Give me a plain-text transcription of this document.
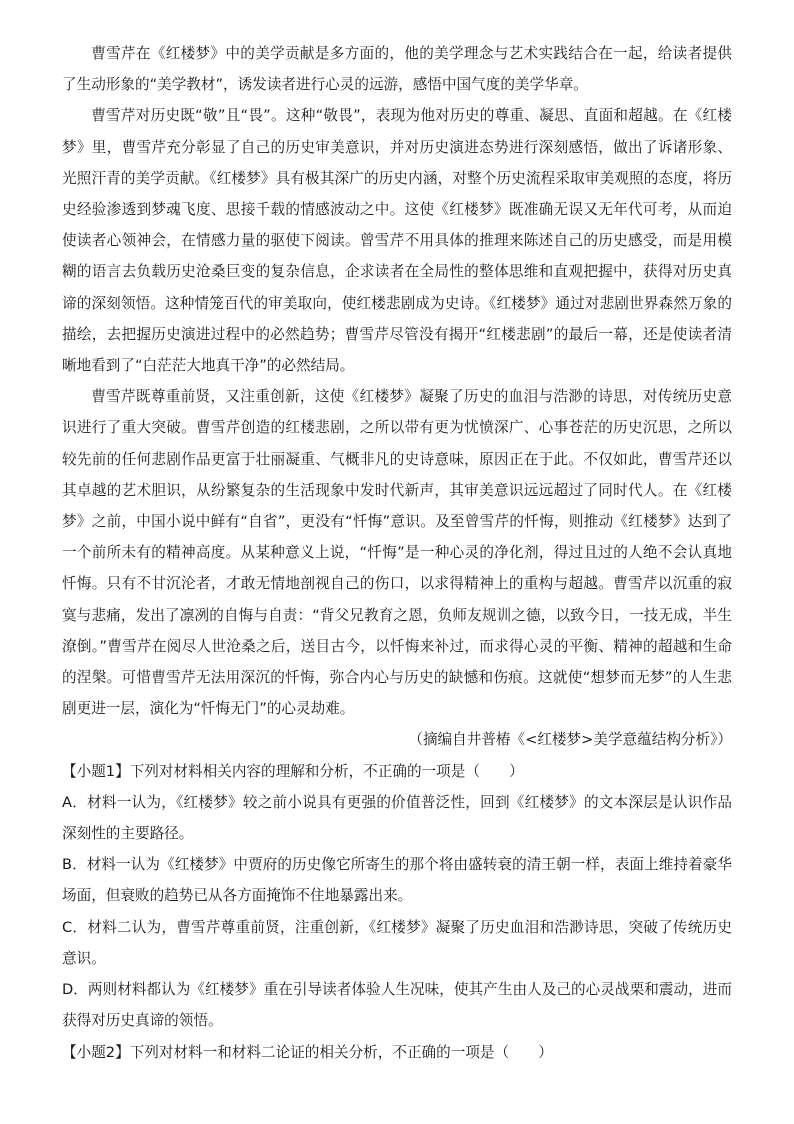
曹雪芹在《红楼梦》中的美学贡献是多方面的，他的美学理念与艺术实践结合在一起，给读者提供了生动形象的“美学教材”，诱发读者进行心灵的远游，感悟中国气度的美学华章。

曹雪芹对历史既“敬”且“畏”。这种“敬畏”，表现为他对历史的尊重、凝思、直面和超越。在《红楼梦》里，曹雪芹充分彰显了自己的历史审美意识，并对历史演进态势进行深刻感悟，做出了诉诸形象、光照汗青的美学贡献。《红楼梦》具有极其深广的历史内涵，对整个历史流程采取审美观照的态度，将历史经验渗透到梦魂飞度、思接千载的情感波动之中。这使《红楼梦》既准确无误又无年代可考，从而迫使读者心领神会，在情感力量的驱使下阅读。曾雪芹不用具体的推理来陈述自己的历史感受，而是用模糊的语言去负载历史沧桑巨变的复杂信息，企求读者在全局性的整体思维和直观把握中，获得对历史真谛的深刻领悟。这种情笼百代的审美取向，使红楼悲剧成为史诗。《红楼梦》通过对悲剧世界森然万象的描绘，去把握历史演进过程中的必然趋势；曹雪芹尽管没有揭开“红楼悲剧”的最后一幕，还是使读者清晰地看到了“白茫茫大地真干净”的必然结局。

曹雪芹既尊重前贤，又注重创新，这使《红楼梦》凝聚了历史的血泪与浩渺的诗思，对传统历史意识进行了重大突破。曹雪芹创造的红楼悲剧，之所以带有更为忧愤深广、心事苍茫的历史沉思，之所以较先前的任何悲剧作品更富于壮丽凝重、气概非凡的史诗意味，原因正在于此。不仅如此，曹雪芹还以其卓越的艺术胆识，从纷繁复杂的生活现象中发时代新声，其审美意识远远超过了同时代人。在《红楼梦》之前，中国小说中鲜有“自省”，更没有“忏悔”意识。及至曾雪芹的忏悔，则推动《红楼梦》达到了一个前所未有的精神高度。从某种意义上说，“忏悔”是一种心灵的净化剂，得过且过的人绝不会认真地忏悔。只有不甘沉沦者，才敢无情地剖视自己的伤口，以求得精神上的重构与超越。曹雪芹以沉重的寂寞与悲痛，发出了凛冽的自悔与自责：“背父兄教育之恩，负师友规训之德，以致今日，一技无成，半生潦倒。”曹雪芹在阅尽人世沧桑之后，送目古今，以忏悔来补过，而求得心灵的平衡、精神的超越和生命的涅槃。可惜曹雪芹无法用深沉的忏悔，弥合内心与历史的缺憾和伤痕。这就使“想梦而无梦”的人生悲剧更进一层，演化为“忏悔无门”的心灵劫难。

（摘编自井普椿《<红楼梦>美学意蕴结构分析》）

【小题1】下列对材料相关内容的理解和分析，不正确的一项是（　　）

A．材料一认为，《红楼梦》较之前小说具有更强的价值普泛性，回到《红楼梦》的文本深层是认识作品深刻性的主要路径。

B．材料一认为《红楼梦》中贾府的历史像它所寄生的那个将由盛转衰的清王朝一样，表面上维持着豪华场面，但衰败的趋势已从各方面掩饰不住地暴露出来。

C．材料二认为，曹雪芹尊重前贤，注重创新，《红楼梦》凝聚了历史血泪和浩渺诗思，突破了传统历史意识。

D．两则材料都认为《红楼梦》重在引导读者体验人生况味，使其产生由人及己的心灵战栗和震动，进而获得对历史真谛的领悟。

【小题2】下列对材料一和材料二论证的相关分析，不正确的一项是（　　）
